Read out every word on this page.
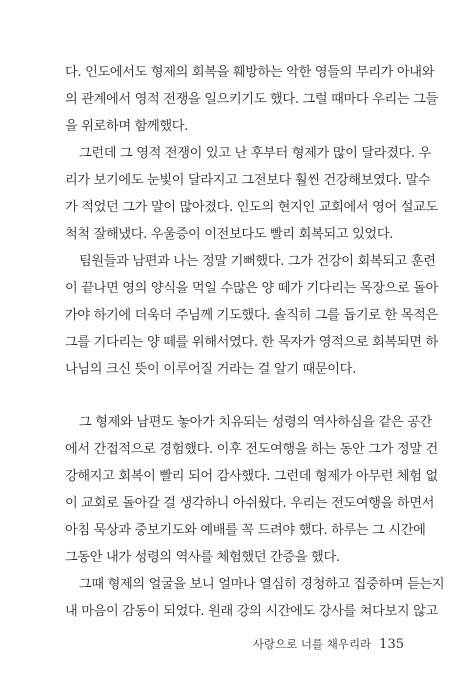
다. 인도에서도 형제의 회복을 훼방하는 악한 영들의 무리가 아내와
의 관계에서 영적 전쟁을 일으키기도 했다. 그럴 때마다 우리는 그들
을 위로하며 함께했다.
그런데 그 영적 전쟁이 있고 난 후부터 형제가 많이 달라졌다. 우
리가 보기에도 눈빛이 달라지고 그전보다 훨씬 건강해보였다. 말수
가 적었던 그가 말이 많아졌다. 인도의 현지인 교회에서 영어 설교도
척척 잘해냈다. 우울증이 이전보다도 빨리 회복되고 있었다.
팀원들과 남편과 나는 정말 기뻐했다. 그가 건강이 회복되고 훈련
이 끝나면 영의 양식을 먹일 수많은 양 떼가 기다리는 목장으로 돌아
가야 하기에 더욱더 주님께 기도했다. 솔직히 그를 돕기로 한 목적은
그를 기다리는 양 떼를 위해서였다. 한 목자가 영적으로 회복되면 하
나님의 크신 뜻이 이루어질 거라는 걸 알기 때문이다.
그 형제와 남편도 놓아가 치유되는 성령의 역사하심을 같은 공간
에서 간접적으로 경험했다. 이후 전도여행을 하는 동안 그가 정말 건
강해지고 회복이 빨리 되어 감사했다. 그런데 형제가 아무런 체험 없
이 교회로 돌아갈 걸 생각하니 아쉬웠다. 우리는 전도여행을 하면서
아침 묵상과 중보기도와 예배를 꼭 드려야 했다. 하루는 그 시간에
그동안 내가 성령의 역사를 체험했던 간증을 했다.
그때 형제의 얼굴을 보니 얼마나 열심히 경청하고 집중하며 듣는지
내 마음이 감동이 되었다. 원래 강의 시간에도 강사를 쳐다보지 않고
사랑으로 너를 채우리라 135
